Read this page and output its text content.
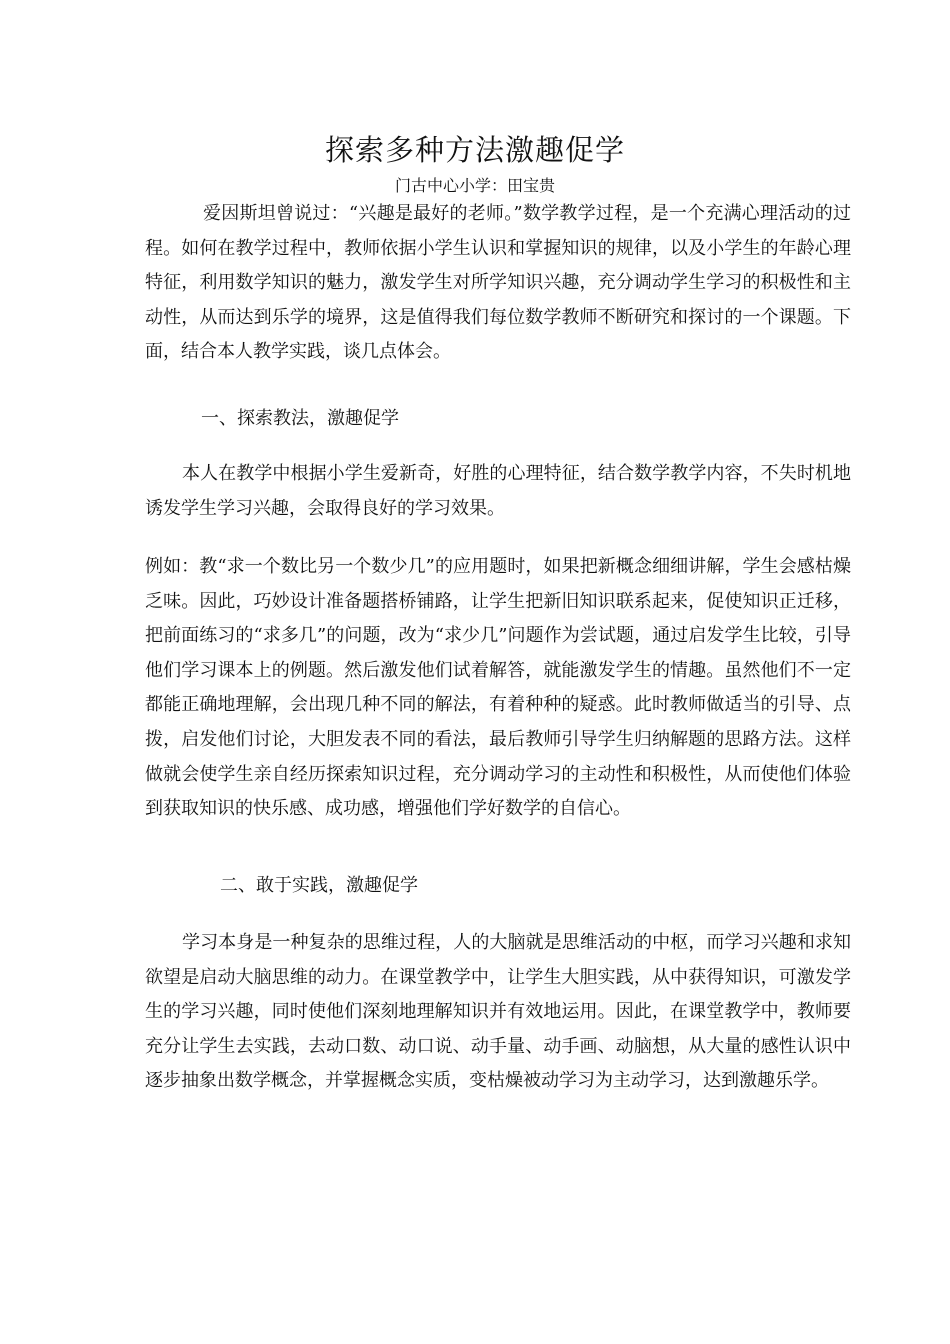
探索多种方法激趣促学

门古中心小学：田宝贵

爱因斯坦曾说过：“兴趣是最好的老师。”数学教学过程，是一个充满心理活动的过程。如何在教学过程中，教师依据小学生认识和掌握知识的规律，以及小学生的年龄心理特征，利用数学知识的魅力，激发学生对所学知识兴趣，充分调动学生学习的积极性和主动性，从而达到乐学的境界，这是值得我们每位数学教师不断研究和探讨的一个课题。下面，结合本人教学实践，谈几点体会。

一、探索教法，激趣促学

本人在教学中根据小学生爱新奇，好胜的心理特征，结合数学教学内容，不失时机地诱发学生学习兴趣，会取得良好的学习效果。

例如：教“求一个数比另一个数少几”的应用题时，如果把新概念细细讲解，学生会感枯燥乏味。因此，巧妙设计准备题搭桥铺路，让学生把新旧知识联系起来，促使知识正迁移，把前面练习的“求多几”的问题，改为“求少几”问题作为尝试题，通过启发学生比较，引导他们学习课本上的例题。然后激发他们试着解答，就能激发学生的情趣。虽然他们不一定都能正确地理解，会出现几种不同的解法，有着种种的疑惑。此时教师做适当的引导、点拨，启发他们讨论，大胆发表不同的看法，最后教师引导学生归纳解题的思路方法。这样做就会使学生亲自经历探索知识过程，充分调动学习的主动性和积极性，从而使他们体验到获取知识的快乐感、成功感，增强他们学好数学的自信心。

二、敢于实践，激趣促学

学习本身是一种复杂的思维过程，人的大脑就是思维活动的中枢，而学习兴趣和求知欲望是启动大脑思维的动力。在课堂教学中，让学生大胆实践，从中获得知识，可激发学生的学习兴趣，同时使他们深刻地理解知识并有效地运用。因此，在课堂教学中，教师要充分让学生去实践，去动口数、动口说、动手量、动手画、动脑想，从大量的感性认识中逐步抽象出数学概念，并掌握概念实质，变枯燥被动学习为主动学习，达到激趣乐学。
